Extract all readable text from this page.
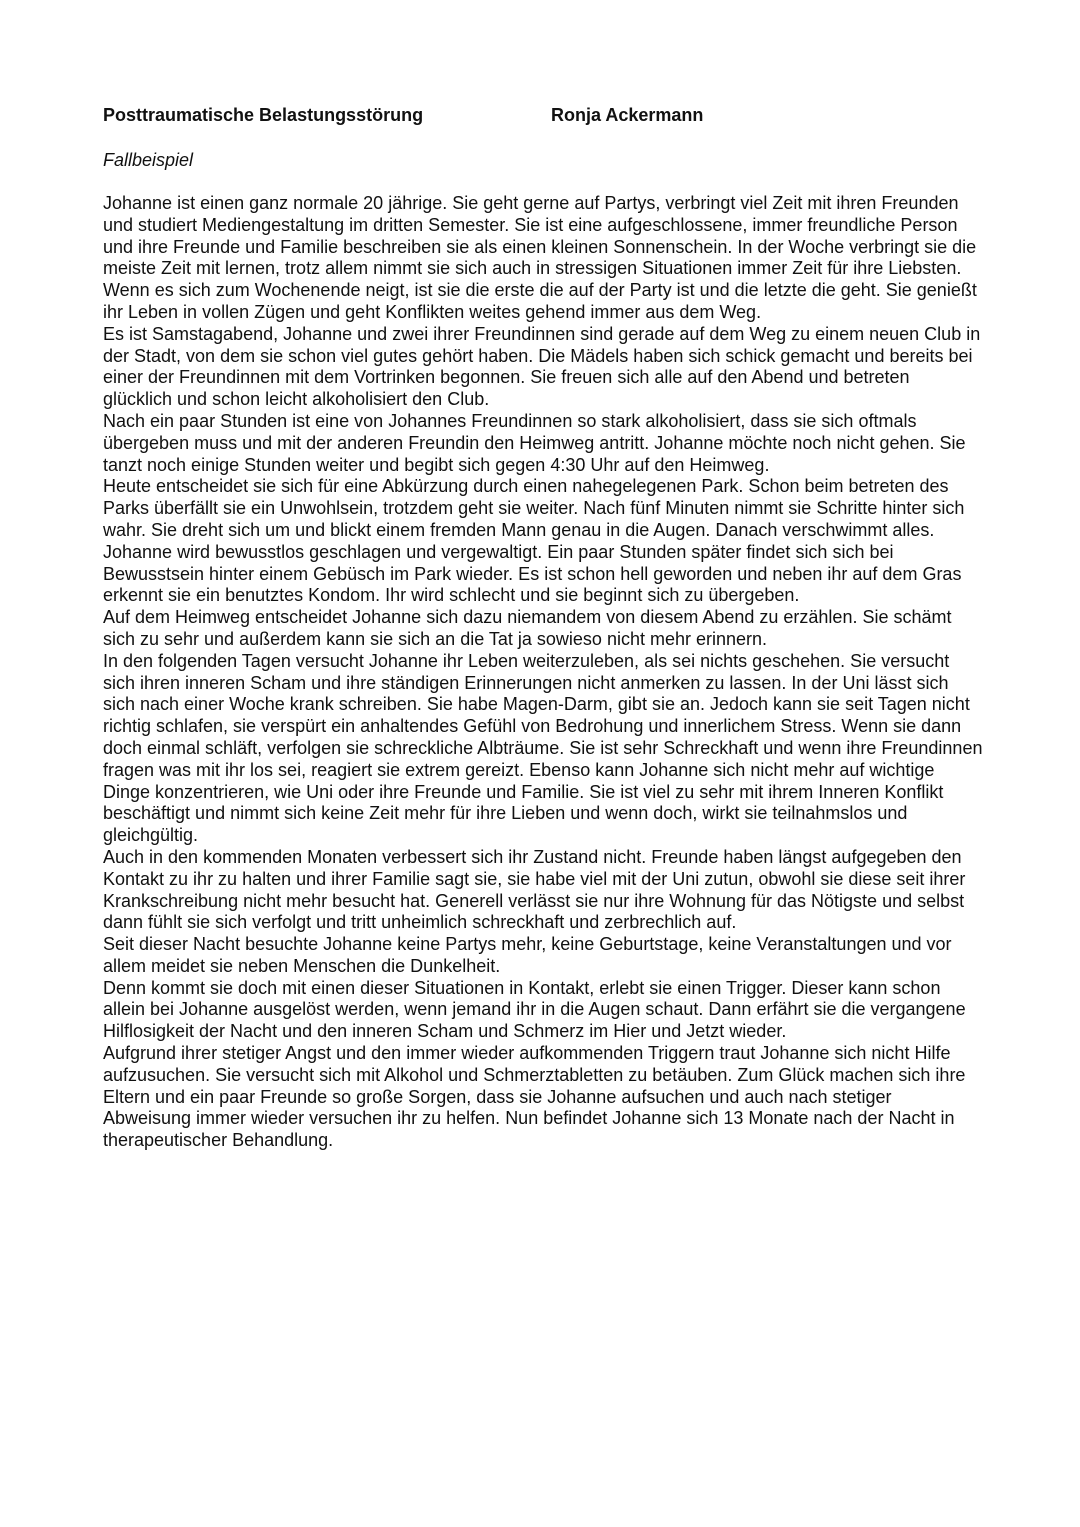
Posttraumatische Belastungsstörung	Ronja Ackermann
Fallbeispiel

Johanne ist einen ganz normale 20 jährige. Sie geht gerne auf Partys, verbringt viel Zeit mit ihren Freunden und studiert Mediengestaltung im dritten Semester. Sie ist eine aufgeschlossene, immer freundliche Person und ihre Freunde und Familie beschreiben sie als einen kleinen Sonnenschein. In der Woche verbringt sie die meiste Zeit mit lernen, trotz allem nimmt sie sich auch in stressigen Situationen immer Zeit für ihre Liebsten. Wenn es sich zum Wochenende neigt, ist sie die erste die auf der Party ist und die letzte die geht. Sie genießt ihr Leben in vollen Zügen und geht Konflikten weites gehend immer aus dem Weg.

Es ist Samstagabend, Johanne und zwei ihrer Freundinnen sind gerade auf dem Weg zu einem neuen Club in der Stadt, von dem sie schon viel gutes gehört haben. Die Mädels haben sich schick gemacht und bereits bei einer der Freundinnen mit dem Vortrinken begonnen. Sie freuen sich alle auf den Abend und betreten glücklich und schon leicht alkoholisiert den Club.

Nach ein paar Stunden ist eine von Johannes Freundinnen so stark alkoholisiert, dass sie sich oftmals übergeben muss und mit der anderen Freundin den Heimweg antritt. Johanne möchte noch nicht gehen. Sie tanzt noch einige Stunden weiter und begibt sich gegen 4:30 Uhr auf den Heimweg.

Heute entscheidet sie sich für eine Abkürzung durch einen nahegelegenen Park. Schon beim betreten des Parks überfällt sie ein Unwohlsein, trotzdem geht sie weiter. Nach fünf Minuten nimmt sie Schritte hinter sich wahr. Sie dreht sich um und blickt einem fremden Mann genau in die Augen. Danach verschwimmt alles. Johanne wird bewusstlos geschlagen und vergewaltigt. Ein paar Stunden später findet sich sich bei Bewusstsein hinter einem Gebüsch im Park wieder. Es ist schon hell geworden und neben ihr auf dem Gras erkennt sie ein benutztes Kondom. Ihr wird schlecht und sie beginnt sich zu übergeben.

Auf dem Heimweg entscheidet Johanne sich dazu niemandem von diesem Abend zu erzählen. Sie schämt sich zu sehr und außerdem kann sie sich an die Tat ja sowieso nicht mehr erinnern.

In den folgenden Tagen versucht Johanne ihr Leben weiterzuleben, als sei nichts geschehen. Sie versucht sich ihren inneren Scham und ihre ständigen Erinnerungen nicht anmerken zu lassen. In der Uni lässt sich sich nach einer Woche krank schreiben. Sie habe Magen-Darm, gibt sie an. Jedoch kann sie seit Tagen nicht richtig schlafen, sie verspürt ein anhaltendes Gefühl von Bedrohung und innerlichem Stress. Wenn sie dann doch einmal schläft, verfolgen sie schreckliche Albträume. Sie ist sehr Schreckhaft und wenn ihre Freundinnen fragen was mit ihr los sei, reagiert sie extrem gereizt. Ebenso kann Johanne sich nicht mehr auf wichtige Dinge konzentrieren, wie Uni oder ihre Freunde und Familie. Sie ist viel zu sehr mit ihrem Inneren Konflikt beschäftigt und nimmt sich keine Zeit mehr für ihre Lieben und wenn doch, wirkt sie teilnahmslos und gleichgültig.

Auch in den kommenden Monaten verbessert sich ihr Zustand nicht. Freunde haben längst aufgegeben den Kontakt zu ihr zu halten und ihrer Familie sagt sie, sie habe viel mit der Uni zutun, obwohl sie diese seit ihrer Krankschreibung nicht mehr besucht hat. Generell verlässt sie nur ihre Wohnung für das Nötigste und selbst dann fühlt sie sich verfolgt und tritt unheimlich schreckhaft und zerbrechlich auf.

Seit dieser Nacht besuchte Johanne keine Partys mehr, keine Geburtstage, keine Veranstaltungen und vor allem meidet sie neben Menschen die Dunkelheit.

Denn kommt sie doch mit einen dieser Situationen in Kontakt, erlebt sie einen Trigger. Dieser kann schon allein bei Johanne ausgelöst werden, wenn jemand ihr in die Augen schaut. Dann erfährt sie die vergangene Hilflosigkeit der Nacht und den inneren Scham und Schmerz im Hier und Jetzt wieder.

Aufgrund ihrer stetiger Angst und den immer wieder aufkommenden Triggern traut Johanne sich nicht Hilfe aufzusuchen. Sie versucht sich mit Alkohol und Schmerztabletten zu betäuben. Zum Glück machen sich ihre Eltern und ein paar Freunde so große Sorgen, dass sie Johanne aufsuchen und auch nach stetiger Abweisung immer wieder versuchen ihr zu helfen. Nun befindet Johanne sich 13 Monate nach der Nacht in therapeutischer Behandlung.
